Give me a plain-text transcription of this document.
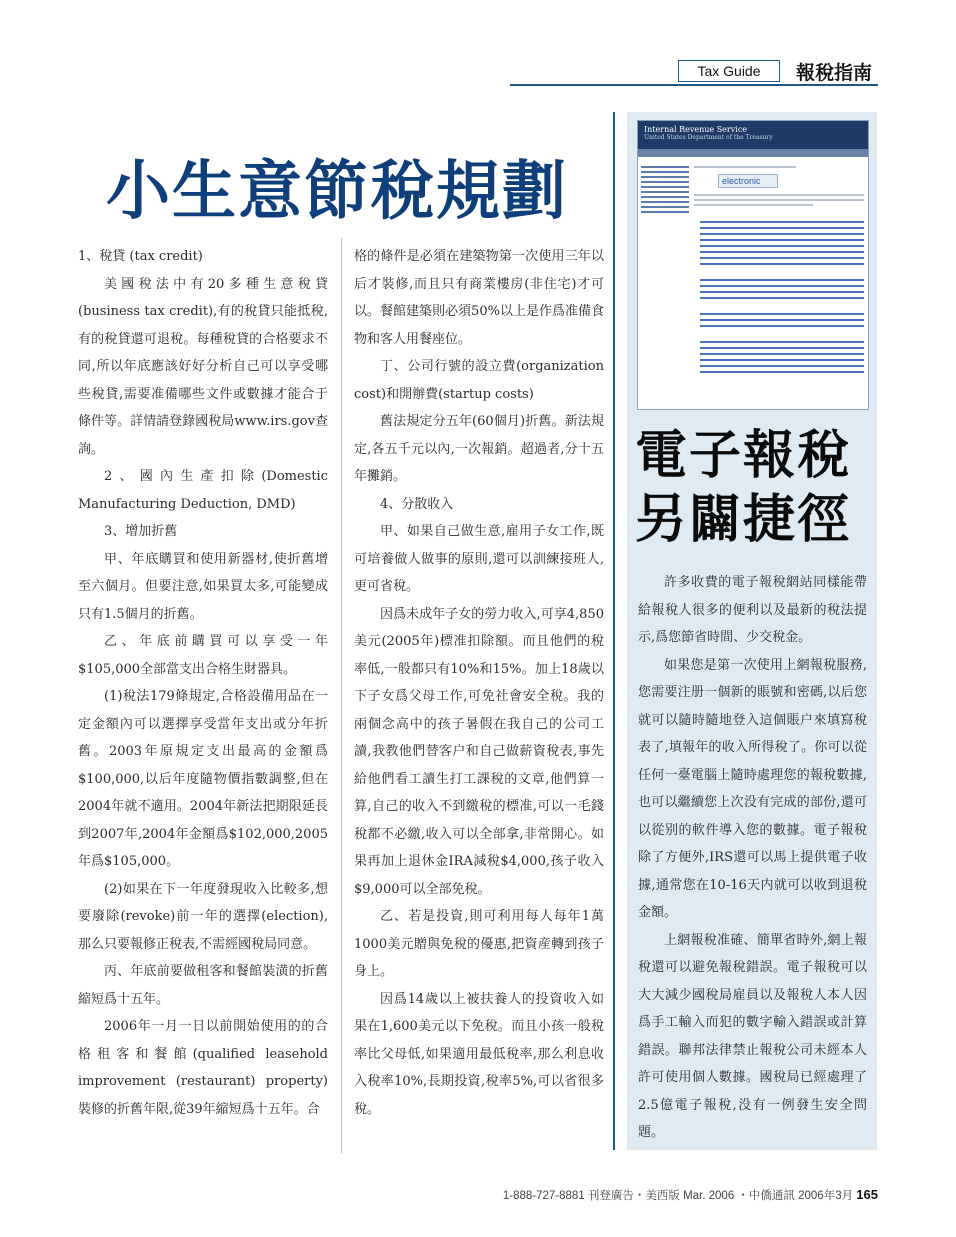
Tax Guide	報稅指南
小生意節稅規劃

1、稅貸 (tax credit)

美國稅法中有20多種生意稅貸(business tax credit),有的稅貸只能抵稅,有的稅貸還可退稅。每種稅貸的合格要求不同,所以年底應該好好分析自己可以享受哪些稅貸,需要准備哪些文件或數據才能合于條件等。詳情請登錄國稅局www.irs.gov查詢。

2、國內生產扣除(Domestic Manufacturing Deduction, DMD)

3、增加折舊

甲、年底購買和使用新器材,使折舊增至六個月。但要注意,如果買太多,可能變成只有1.5個月的折舊。

乙、年底前購買可以享受一年$105,000全部當支出合格生財器具。

(1)稅法179條規定,合格設備用品在一定金額內可以選擇享受當年支出或分年折舊。2003年原規定支出最高的金額爲$100,000,以后年度隨物價指數調整,但在2004年就不適用。2004年新法把期限延長到2007年,2004年金額爲$102,000,2005年爲$105,000。

(2)如果在下一年度發現收入比較多,想要廢除(revoke)前一年的選擇(election),那么只要報修正稅表,不需經國稅局同意。

丙、年底前要做租客和餐館裝潢的折舊縮短爲十五年。

2006年一月一日以前開始使用的的合格租客和餐館(qualified leasehold improvement (restaurant) property)裝修的折舊年限,從39年縮短爲十五年。合

格的條件是必須在建築物第一次使用三年以后才裝修,而且只有商業樓房(非住宅)才可以。餐館建築則必須50%以上是作爲准備食物和客人用餐座位。

丁、公司行號的設立費(organization cost)和開辦費(startup costs)

舊法規定分五年(60個月)折舊。新法規定,各五千元以內,一次報銷。超過者,分十五年攤銷。

4、分散收入

甲、如果自己做生意,雇用子女工作,既可培養做人做事的原則,還可以訓練接班人,更可省稅。

因爲未成年子女的勞力收入,可享4,850美元(2005年)標准扣除額。而且他們的稅率低,一般都只有10%和15%。加上18歲以下子女爲父母工作,可免社會安全稅。我的兩個念高中的孩子暑假在我自己的公司工讀,我教他們替客户和自己做薪資稅表,事先給他們看工讀生打工課稅的文章,他們算一算,自己的收入不到繳稅的標准,可以一毛錢稅都不必繳,收入可以全部拿,非常開心。如果再加上退休金IRA減稅$4,000,孩子收入$9,000可以全部免稅。

乙、若是投資,則可利用每人每年1萬1000美元贈與免稅的優惠,把資産轉到孩子身上。

因爲14歲以上被扶養人的投資收入如果在1,600美元以下免稅。而且小孩一般稅率比父母低,如果適用最低稅率,那么利息收入稅率10%,長期投資,稅率5%,可以省很多稅。

Internal Revenue Service
United States Department of the Treasury
electronic
電子報稅
另闢捷徑

許多收費的電子報稅網站同樣能帶給報稅人很多的便利以及最新的稅法提示,爲您節省時間、少交稅金。

如果您是第一次使用上網報稅服務,您需要注册一個新的賬號和密碼,以后您就可以隨時隨地登入這個賬户來填寫稅表了,填報年的收入所得稅了。你可以從任何一臺電腦上隨時處理您的報稅數據,也可以繼續您上次没有完成的部份,還可以從别的軟件導入您的數據。電子報稅除了方便外,IRS還可以馬上提供電子收據,通常您在10-16天内就可以收到退稅金額。

上網報稅准確、簡單省時外,網上報稅還可以避免報稅錯誤。電子報稅可以大大減少國稅局雇員以及報稅人本人因爲手工輸入而犯的數字輸入錯誤或計算錯誤。聯邦法律禁止報稅公司未經本人許可使用個人數據。國稅局已經處理了2.5億電子報稅,没有一例發生安全問題。

1-888-727-8881 刊登廣告・美西版 Mar. 2006 ・中僑通訊 2006年3月 165
